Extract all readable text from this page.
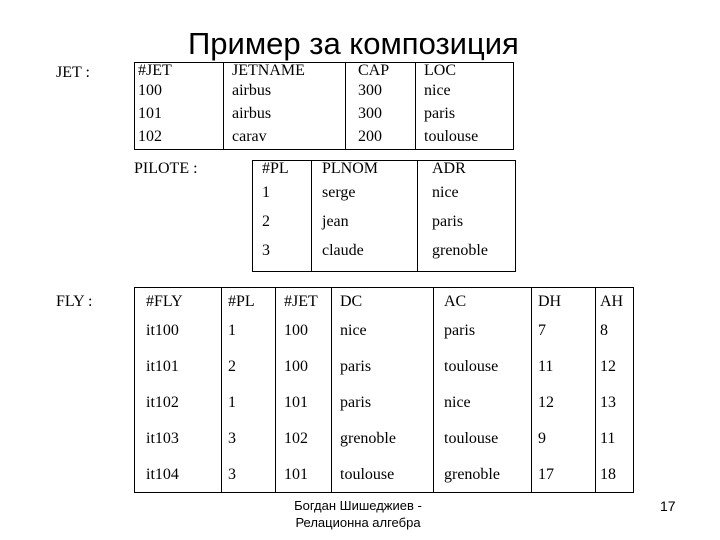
Пример за композиция
JET :	#JET	JETNAME	CAP LOC
100	airbus	300	nice
101	airbus	300	paris
102	carav	200	toulouse
PILOTE :	#PL PLNOM	ADR
1	serge	nice
2	jean	paris
3	claude	grenoble
FLY :	#FLY	#PL #JET DC	AC	DH AH
it100	1	100 nice	paris	7	8
it101	2	100 paris	toulouse 11	12
it102	1	101 paris	nice	12	13
it103	3	102 grenoble	toulouse 9	11
it104	3	101 toulouse	grenoble 17	18
Богдан Шишеджиев -
Релационна алгебра
17
